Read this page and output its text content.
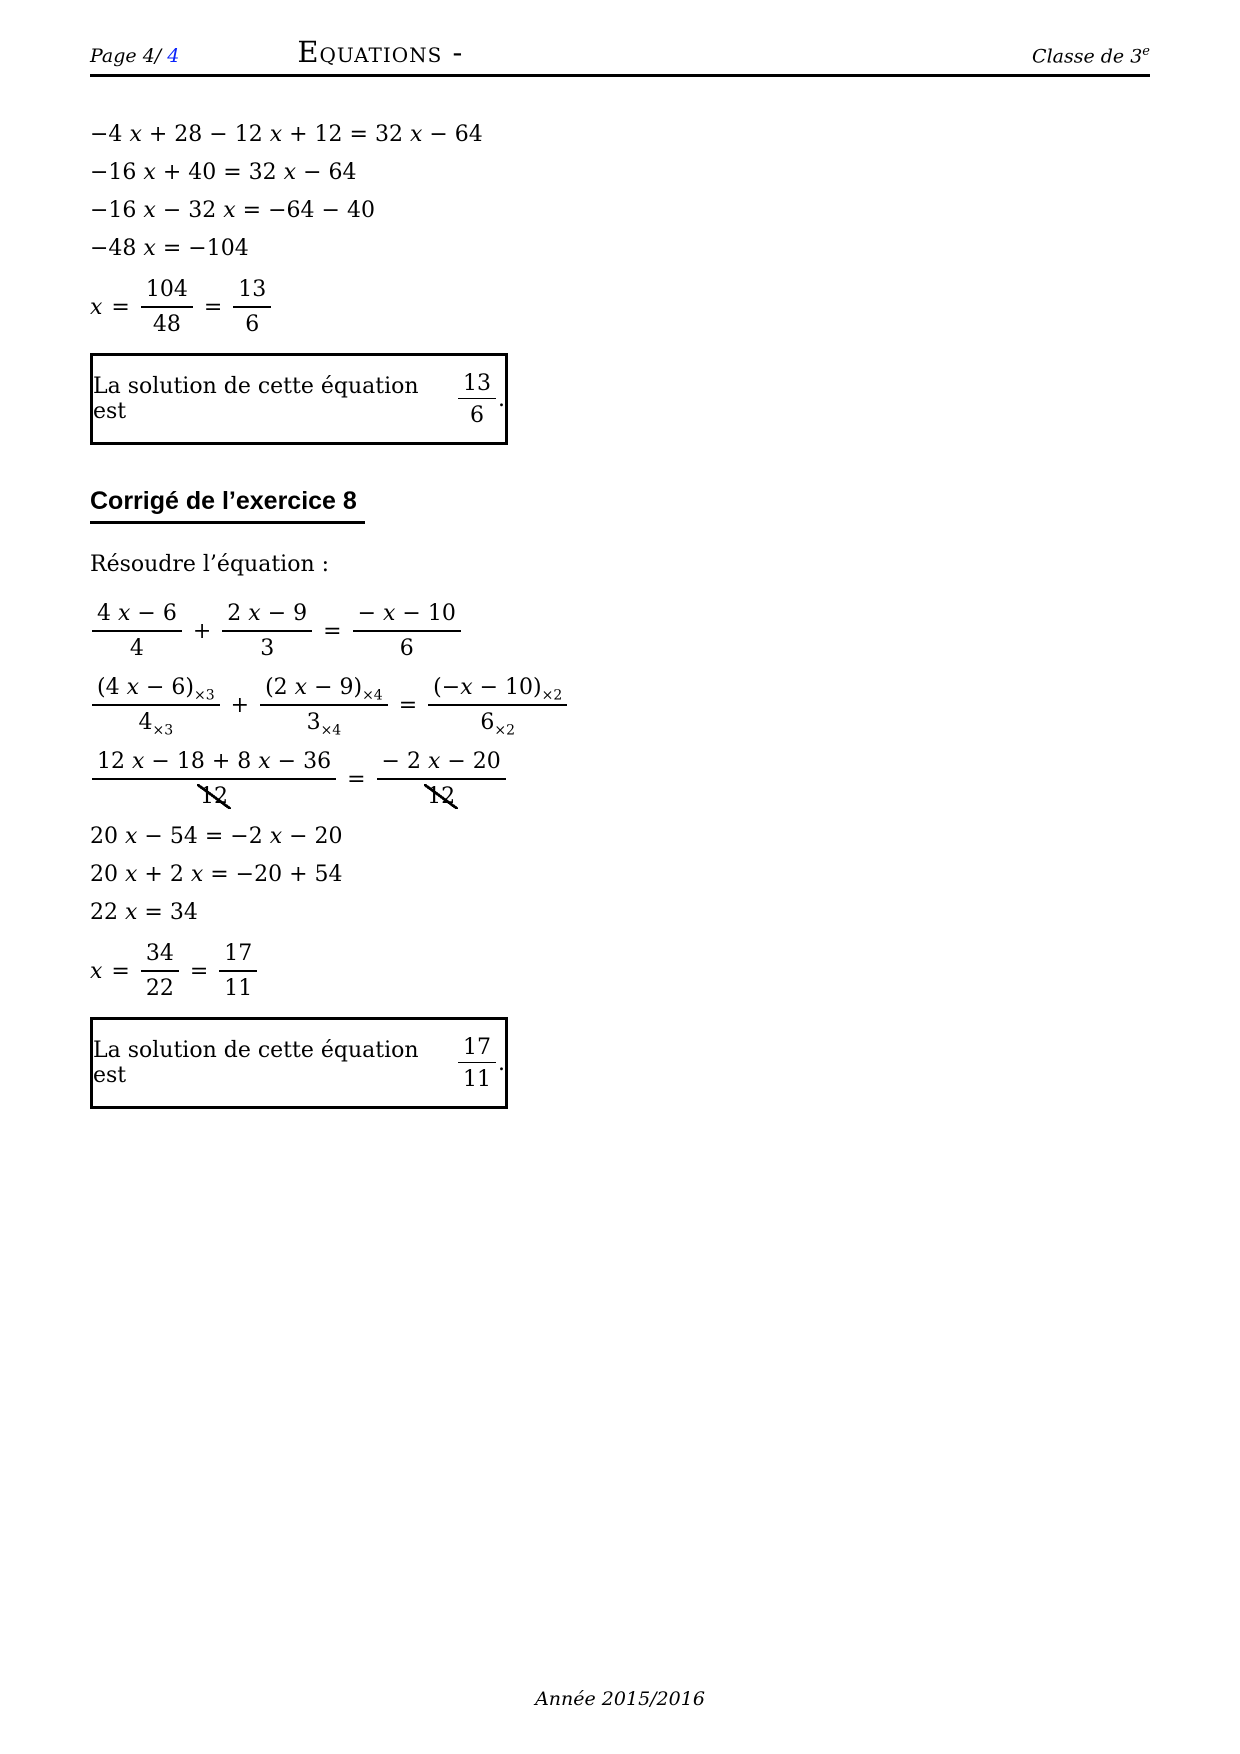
Page 4/ 4	Equations -	Classe de 3e

−4 x + 28 − 12 x + 12 = 32 x − 64

−16 x + 40 = 32 x − 64

−16 x − 32 x = −64 − 40

−48 x = −104

$x = \frac{104}{48} = \frac{13}{6}$
La solution de cette équation est	$\frac{13}{6}$ .
Corrigé de l’exercice 8

Résoudre l’équation :

$\frac{4 x - 6}{4} + \frac{2 x - 9}{3} = \frac{- x - 10}{6}$
$\frac{(4 x - 6)_{\times 3}}{4_{\times 3}} + \frac{(2 x - 9)_{\times 4}}{3_{\times 4}} = \frac{(-x - 10)_{\times 2}}{6_{\times 2}}$
$\frac{12 x - 18 + 8 x - 36}{12} = \frac{- 2 x - 20}{12}$

20 x − 54 = −2 x − 20

20 x + 2 x = −20 + 54

22 x = 34

$x = \frac{34}{22} = \frac{17}{11}$
La solution de cette équation est	$\frac{17}{11}$ .
Année 2015/2016
